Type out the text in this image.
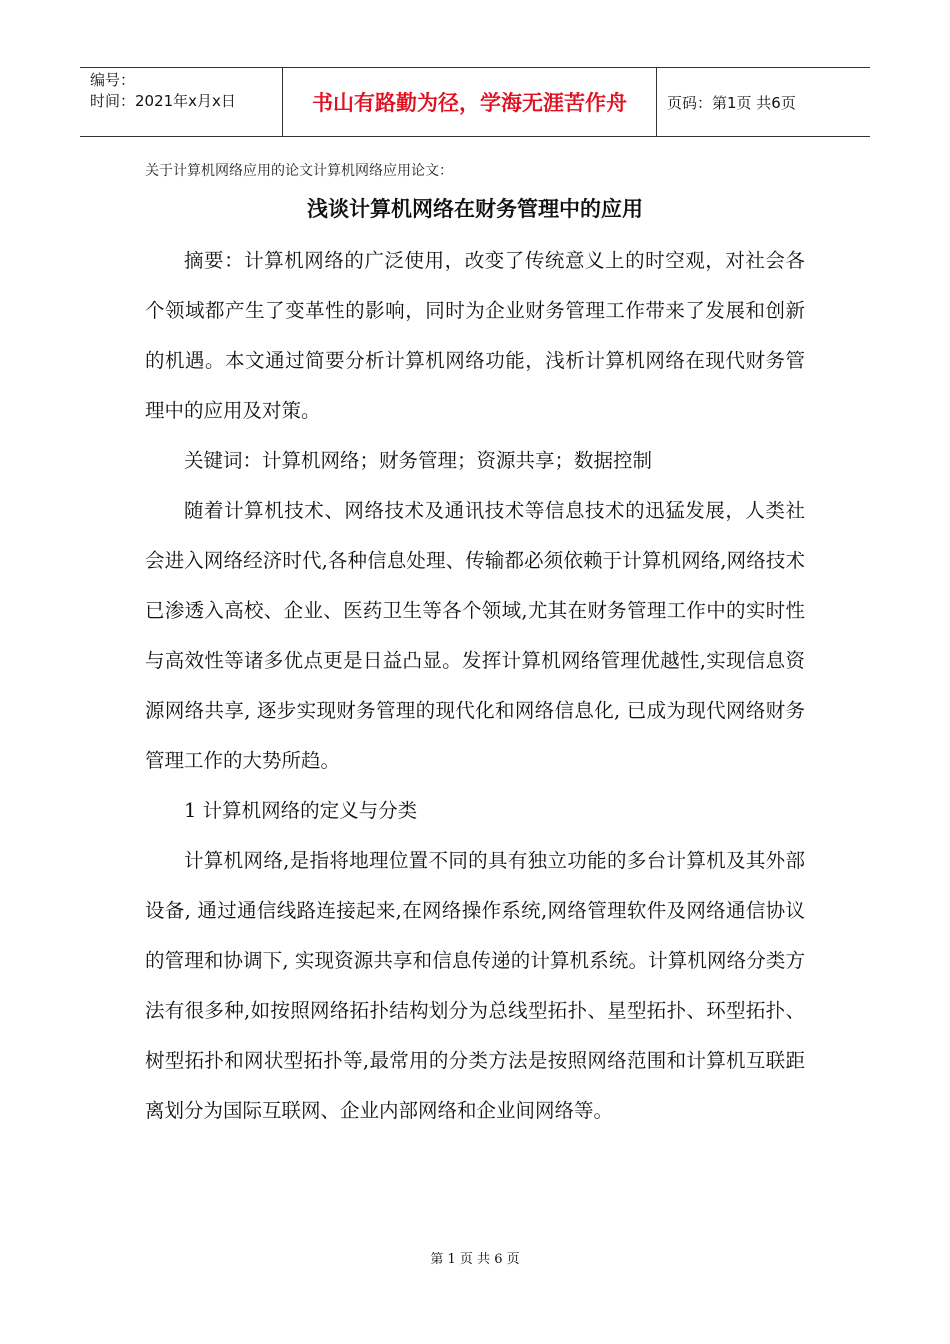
编号：
时间：2021年x月x日	书山有路勤为径，学海无涯苦作舟	页码：第1页 共6页
关于计算机网络应用的论文计算机网络应用论文：
浅谈计算机网络在财务管理中的应用

摘要：计算机网络的广泛使用，改变了传统意义上的时空观，对社会各个领域都产生了变革性的影响，同时为企业财务管理工作带来了发展和创新的机遇。本文通过简要分析计算机网络功能，浅析计算机网络在现代财务管理中的应用及对策。

关键词：计算机网络；财务管理；资源共享；数据控制

随着计算机技术、网络技术及通讯技术等信息技术的迅猛发展，人类社会进入网络经济时代,各种信息处理、传输都必须依赖于计算机网络,网络技术已渗透入高校、企业、医药卫生等各个领域,尤其在财务管理工作中的实时性与高效性等诸多优点更是日益凸显。发挥计算机网络管理优越性,实现信息资源网络共享, 逐步实现财务管理的现代化和网络信息化, 已成为现代网络财务管理工作的大势所趋。

1 计算机网络的定义与分类

计算机网络,是指将地理位置不同的具有独立功能的多台计算机及其外部设备, 通过通信线路连接起来,在网络操作系统,网络管理软件及网络通信协议的管理和协调下, 实现资源共享和信息传递的计算机系统。计算机网络分类方法有很多种,如按照网络拓扑结构划分为总线型拓扑、星型拓扑、环型拓扑、树型拓扑和网状型拓扑等,最常用的分类方法是按照网络范围和计算机互联距离划分为国际互联网、企业内部网络和企业间网络等。

第 1 页 共 6 页
